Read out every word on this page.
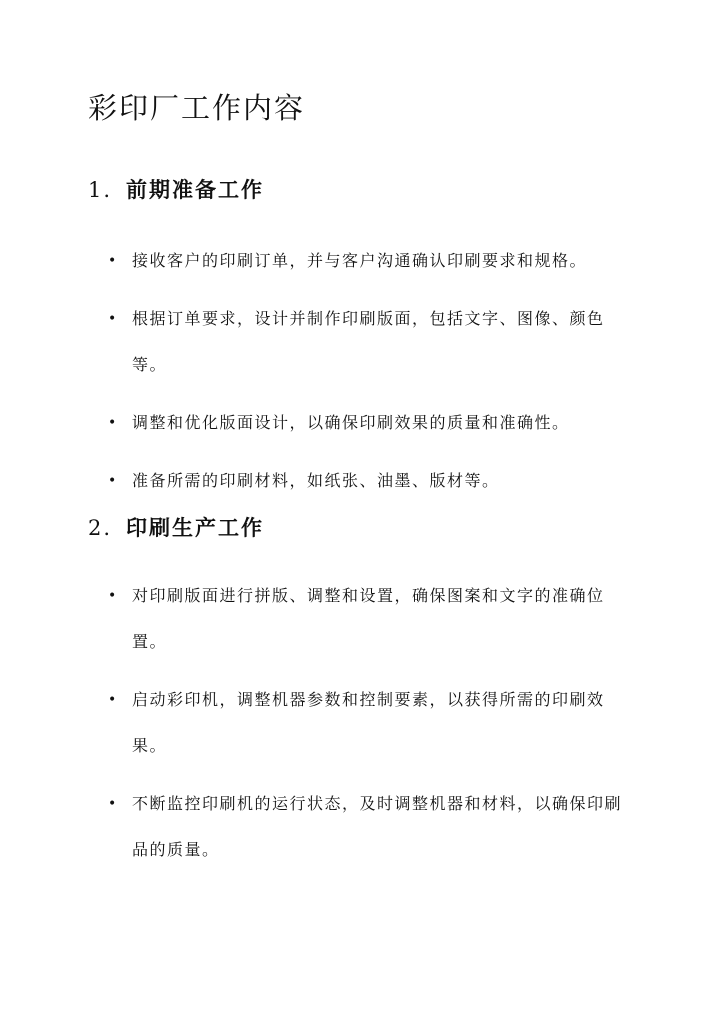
彩印厂工作内容
1. 前期准备工作
• 接收客户的印刷订单，并与客户沟通确认印刷要求和规格。
• 根据订单要求，设计并制作印刷版面，包括文字、图像、颜色等。
• 调整和优化版面设计，以确保印刷效果的质量和准确性。
• 准备所需的印刷材料，如纸张、油墨、版材等。
2. 印刷生产工作
• 对印刷版面进行拼版、调整和设置，确保图案和文字的准确位置。
• 启动彩印机，调整机器参数和控制要素，以获得所需的印刷效果。
• 不断监控印刷机的运行状态，及时调整机器和材料，以确保印刷品的质量。
